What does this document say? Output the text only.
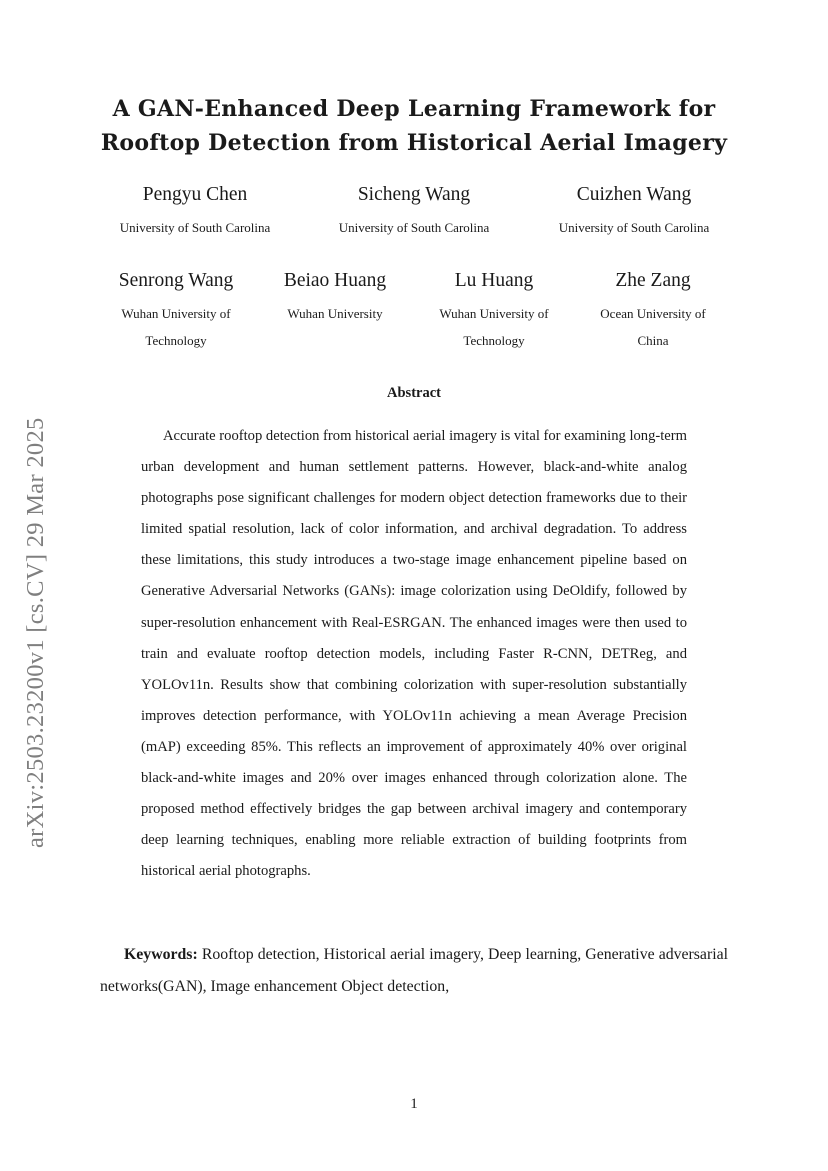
arXiv:2503.23200v1 [cs.CV] 29 Mar 2025
A GAN-Enhanced Deep Learning Framework for
Rooftop Detection from Historical Aerial Imagery
Pengyu Chen
University of South Carolina
Sicheng Wang
University of South Carolina
Cuizhen Wang
University of South Carolina
Senrong Wang
Wuhan University of
Technology
Beiao Huang
Wuhan University
Lu Huang
Wuhan University of
Technology
Zhe Zang
Ocean University of
China
Abstract

Accurate rooftop detection from historical aerial imagery is vital for examining long-term urban development and human settlement patterns. However, black-and-white analog photographs pose significant challenges for modern object detection frameworks due to their limited spatial resolution, lack of color information, and archival degradation. To address these limitations, this study introduces a two-stage image enhancement pipeline based on Generative Adversarial Networks (GANs): image colorization using DeOldify, followed by super-resolution enhancement with Real-ESRGAN. The enhanced images were then used to train and evaluate rooftop detection models, including Faster R-CNN, DETReg, and YOLOv11n. Results show that combining colorization with super-resolution substantially improves detection performance, with YOLOv11n achieving a mean Average Precision (mAP) exceeding 85%. This reflects an improvement of approximately 40% over original black-and-white images and 20% over images enhanced through colorization alone. The proposed method effectively bridges the gap between archival imagery and contemporary deep learning techniques, enabling more reliable extraction of building footprints from historical aerial photographs.

Keywords: Rooftop detection, Historical aerial imagery, Deep learning, Generative adversarial networks(GAN), Image enhancement Object detection,

1
